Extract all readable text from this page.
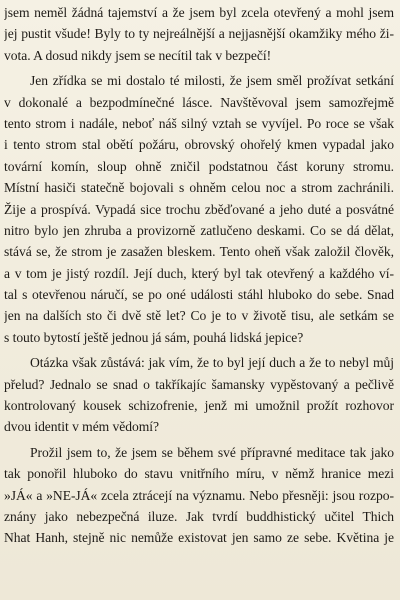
jsem neměl žádná tajemství a že jsem byl zcela otevřený a mohl jsem
jej pustit všude! Byly to ty nejreálnější a nejjasnější okamžiky mého ži-
vota. A dosud nikdy jsem se necítil tak v bezpečí!
Jen zřídka se mi dostalo té milosti, že jsem směl prožívat setkání
v dokonalé a bezpodmínečné lásce. Navštěvoval jsem samozřejmě
tento strom i nadále, neboť náš silný vztah se vyvíjel. Po roce se však
i tento strom stal obětí požáru, obrovský ohořelý kmen vypadal jako
tovární komín, sloup ohně zničil podstatnou část koruny stromu.
Místní hasiči statečně bojovali s ohněm celou noc a strom zachránili.
Žije a prospívá. Vypadá sice trochu zběďované a jeho duté a posvátné
nitro bylo jen zhruba a provizorně zatlučeno deskami. Co se dá dělat,
stává se, že strom je zasažen bleskem. Tento oheň však založil člověk,
a v tom je jistý rozdíl. Její duch, který byl tak otevřený a každého ví-
tal s otevřenou náručí, se po oné události stáhl hluboko do sebe. Snad
jen na dalších sto či dvě stě let? Co je to v životě tisu, ale setkám se
s touto bytostí ještě jednou já sám, pouhá lidská jepice?
Otázka však zůstává: jak vím, že to byl její duch a že to nebyl můj
přelud? Jednalo se snad o takříkajíc šamansky vypěstovaný a pečlivě
kontrolovaný kousek schizofrenie, jenž mi umožnil prožít rozhovor
dvou identit v mém vědomí?
Prožil jsem to, že jsem se během své přípravné meditace tak jako
tak ponořil hluboko do stavu vnitřního míru, v němž hranice mezi
»JÁ« a »NE-JÁ« zcela ztrácejí na významu. Nebo přesněji: jsou rozpo-
znány jako nebezpečná iluze. Jak tvrdí buddhistický učitel Thich
Nhat Hanh, stejně nic nemůže existovat jen samo ze sebe. Květina je
